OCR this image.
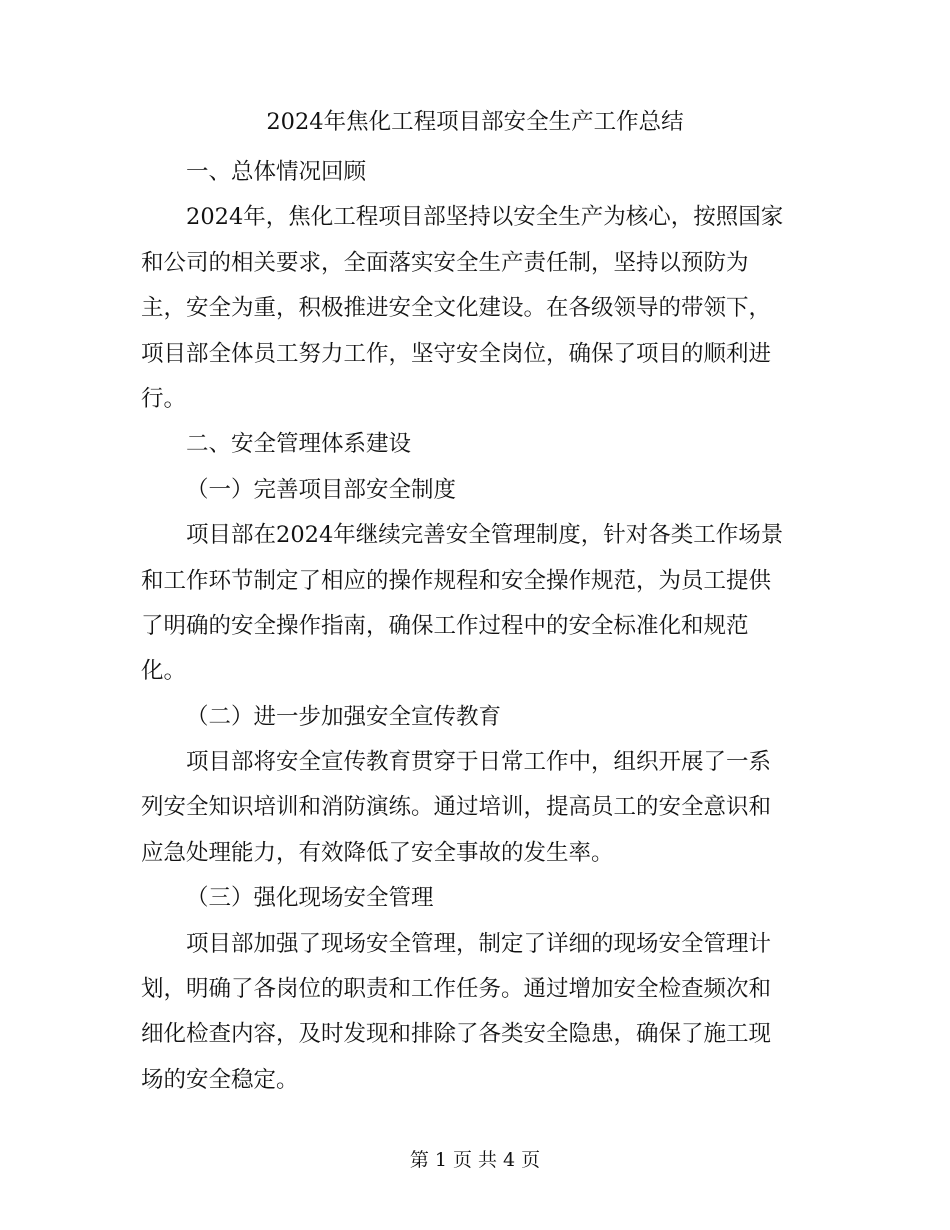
2024年焦化工程项目部安全生产工作总结
一、总体情况回顾
2024年，焦化工程项目部坚持以安全生产为核心，按照国家
和公司的相关要求，全面落实安全生产责任制，坚持以预防为
主，安全为重，积极推进安全文化建设。在各级领导的带领下，
项目部全体员工努力工作，坚守安全岗位，确保了项目的顺利进
行。
二、安全管理体系建设
（一）完善项目部安全制度
项目部在2024年继续完善安全管理制度，针对各类工作场景
和工作环节制定了相应的操作规程和安全操作规范，为员工提供
了明确的安全操作指南，确保工作过程中的安全标准化和规范
化。
（二）进一步加强安全宣传教育
项目部将安全宣传教育贯穿于日常工作中，组织开展了一系
列安全知识培训和消防演练。通过培训，提高员工的安全意识和
应急处理能力，有效降低了安全事故的发生率。
（三）强化现场安全管理
项目部加强了现场安全管理，制定了详细的现场安全管理计
划，明确了各岗位的职责和工作任务。通过增加安全检查频次和
细化检查内容，及时发现和排除了各类安全隐患，确保了施工现
场的安全稳定。
第 1 页 共 4 页
